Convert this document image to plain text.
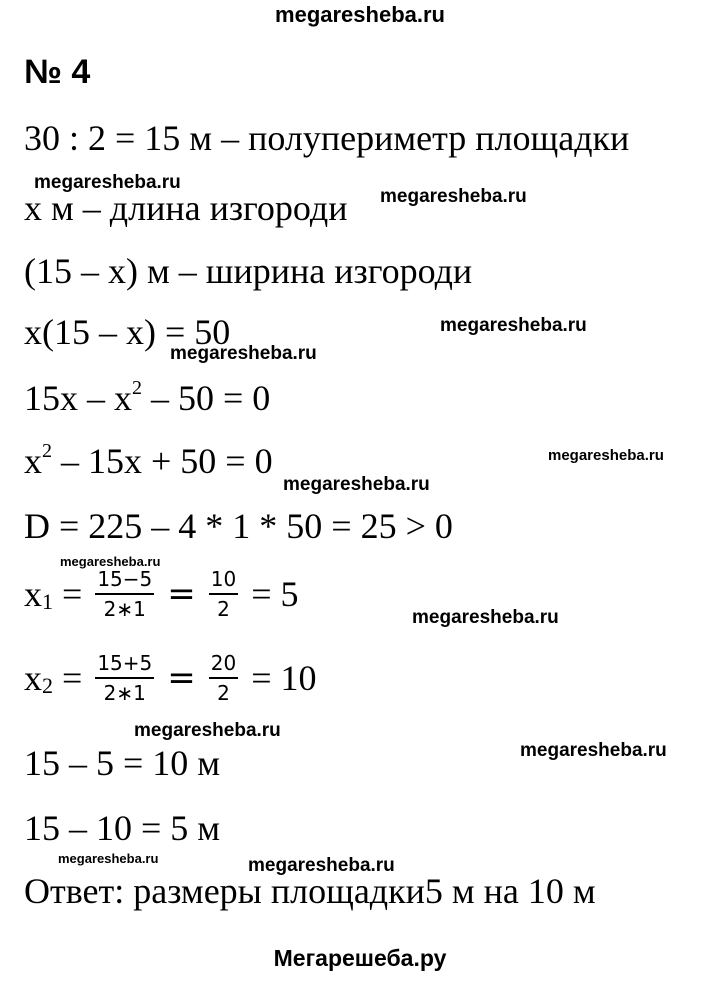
megaresheba.ru
№ 4
30 : 2 = 15 м – полупериметр площадки
х м – длина изгороди
(15 – х) м – ширина изгороди
х(15 – х) = 50
$15х - х^2 - 50 = 0$
$х^2 - 15х + 50 = 0$
D = 225 – 4 * 1 * 50 = 25 > 0
$х_1 = \frac{15-5}{2∗1} = \frac{10}{2} = 5$
$х_2 = \frac{15+5}{2∗1} = \frac{20}{2} = 10$
15 – 5 = 10 м
15 – 10 = 5 м
Ответ: размеры площадки5 м на 10 м
megaresheba.ru
megaresheba.ru
megaresheba.ru
megaresheba.ru
megaresheba.ru
megaresheba.ru
megaresheba.ru
megaresheba.ru
megaresheba.ru
megaresheba.ru
megaresheba.ru	megaresheba.ru
Мегарешеба.ру
